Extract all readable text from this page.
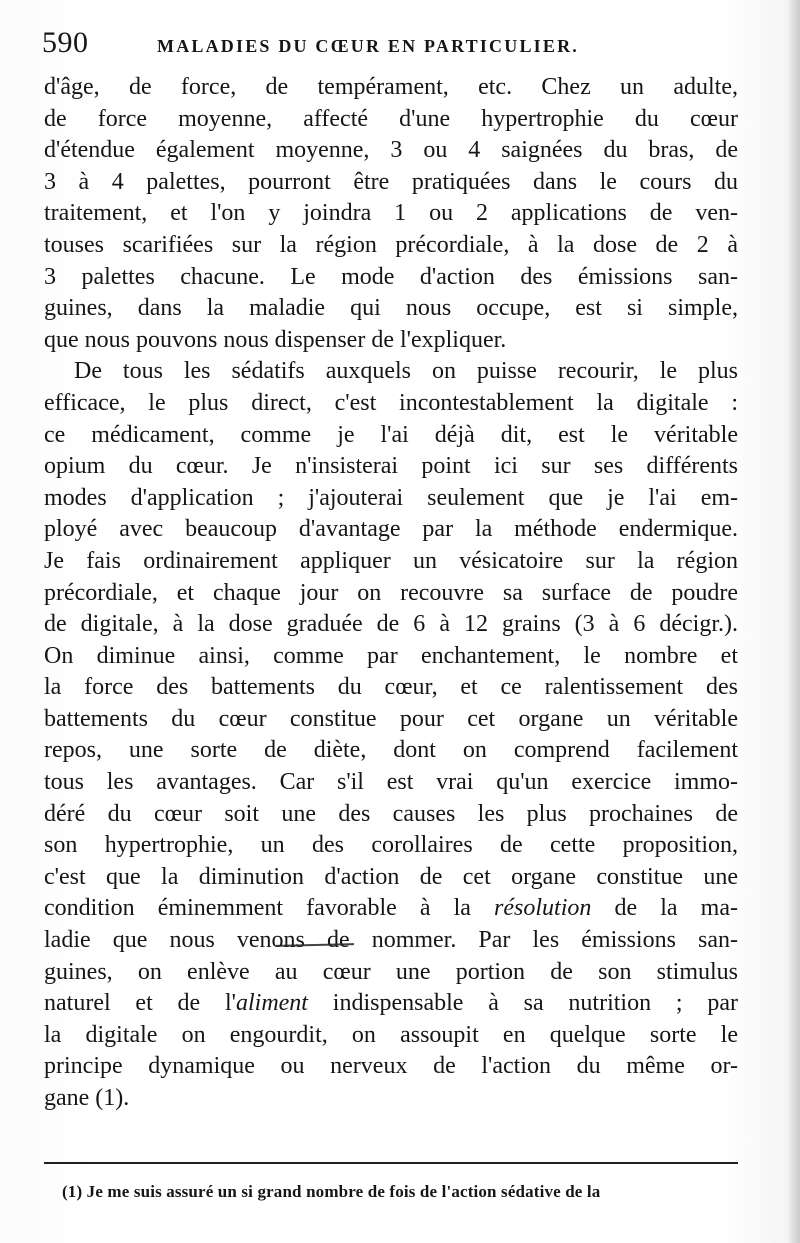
590	MALADIES DU CŒUR EN PARTICULIER.
d'âge, de force, de tempérament, etc. Chez un adulte,
de force moyenne, affecté d'une hypertrophie du cœur
d'étendue également moyenne, 3 ou 4 saignées du bras, de
3 à 4 palettes, pourront être pratiquées dans le cours du
traitement, et l'on y joindra 1 ou 2 applications de ven-
touses scarifiées sur la région précordiale, à la dose de 2 à
3 palettes chacune. Le mode d'action des émissions san-
guines, dans la maladie qui nous occupe, est si simple,
que nous pouvons nous dispenser de l'expliquer.
De tous les sédatifs auxquels on puisse recourir, le plus
efficace, le plus direct, c'est incontestablement la digitale :
ce médicament, comme je l'ai déjà dit, est le véritable
opium du cœur. Je n'insisterai point ici sur ses différents
modes d'application ; j'ajouterai seulement que je l'ai em-
ployé avec beaucoup d'avantage par la méthode endermique.
Je fais ordinairement appliquer un vésicatoire sur la région
précordiale, et chaque jour on recouvre sa surface de poudre
de digitale, à la dose graduée de 6 à 12 grains (3 à 6 décigr.).
On diminue ainsi, comme par enchantement, le nombre et
la force des battements du cœur, et ce ralentissement des
battements du cœur constitue pour cet organe un véritable
repos, une sorte de diète, dont on comprend facilement
tous les avantages. Car s'il est vrai qu'un exercice immo-
déré du cœur soit une des causes les plus prochaines de
son hypertrophie, un des corollaires de cette proposition,
c'est que la diminution d'action de cet organe constitue une
condition éminemment favorable à la résolution de la ma-
ladie que nous venons de nommer. Par les émissions san-
guines, on enlève au cœur une portion de son stimulus
naturel et de l'aliment indispensable à sa nutrition ; par
la digitale on engourdit, on assoupit en quelque sorte le
principe dynamique ou nerveux de l'action du même or-
gane (1).
(1) Je me suis assuré un si grand nombre de fois de l'action sédative de la
